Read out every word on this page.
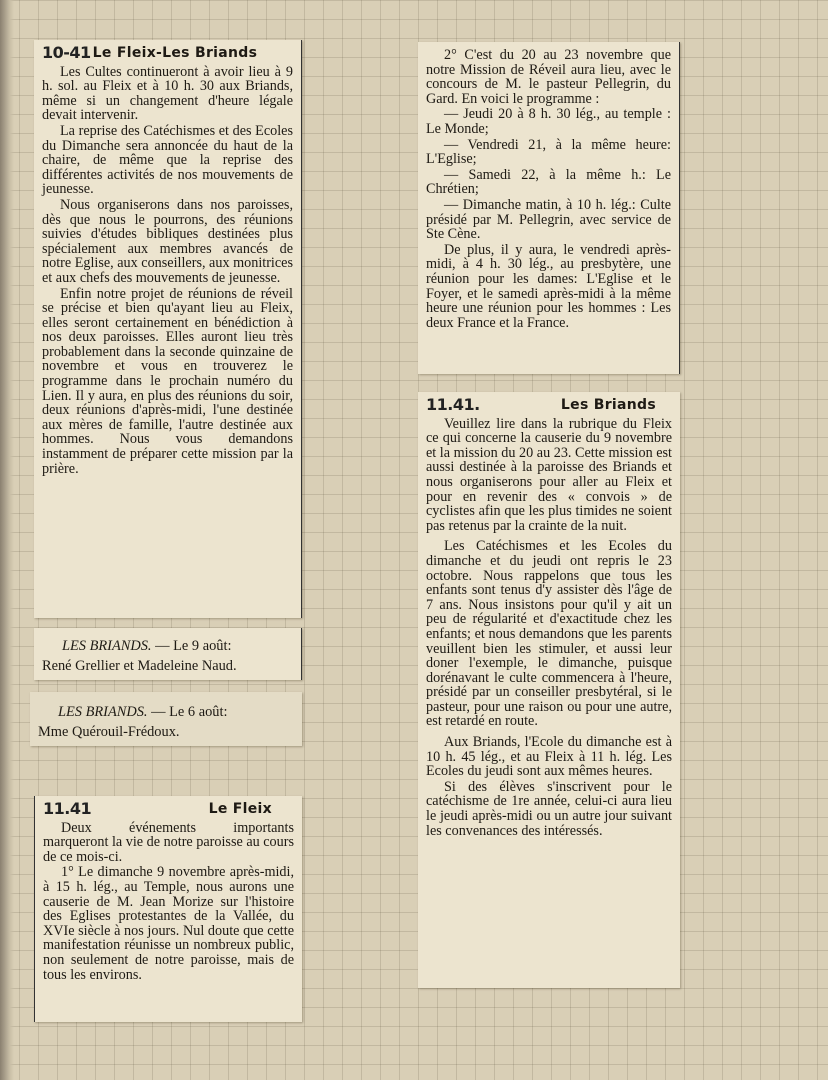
10-41 Le Fleix-Les Briands

Les Cultes continueront à avoir lieu à 9 h. sol. au Fleix et à 10 h. 30 aux Briands, même si un changement d'heure légale devait intervenir.

La reprise des Catéchismes et des Ecoles du Dimanche sera annoncée du haut de la chaire, de même que la reprise des différentes activités de nos mouvements de jeunesse.

Nous organiserons dans nos paroisses, dès que nous le pourrons, des réunions suivies d'études bibliques destinées plus spécialement aux membres avancés de notre Eglise, aux conseillers, aux monitrices et aux chefs des mouvements de jeunesse.

Enfin notre projet de réunions de réveil se précise et bien qu'ayant lieu au Fleix, elles seront certainement en bénédiction à nos deux paroisses. Elles auront lieu très probablement dans la seconde quinzaine de novembre et vous en trouverez le programme dans le prochain numéro du Lien. Il y aura, en plus des réunions du soir, deux réunions d'après-midi, l'une destinée aux mères de famille, l'autre destinée aux hommes. Nous vous demandons instamment de préparer cette mission par la prière.

LES BRIANDS. — Le 9 août:
René Grellier et Madeleine Naud.
LES BRIANDS. — Le 6 août:
Mme Quérouil-Frédoux.
11.41	Le Fleix

Deux événements importants marqueront la vie de notre paroisse au cours de ce mois-ci.

1° Le dimanche 9 novembre après-midi, à 15 h. lég., au Temple, nous aurons une causerie de M. Jean Morize sur l'histoire des Eglises protestantes de la Vallée, du XVIe siècle à nos jours. Nul doute que cette manifestation réunisse un nombreux public, non seulement de notre paroisse, mais de tous les environs.

2° C'est du 20 au 23 novembre que notre Mission de Réveil aura lieu, avec le concours de M. le pasteur Pellegrin, du Gard. En voici le programme :

— Jeudi 20 à 8 h. 30 lég., au temple : Le Monde;

— Vendredi 21, à la même heure: L'Eglise;

— Samedi 22, à la même h.: Le Chrétien;

— Dimanche matin, à 10 h. lég.: Culte présidé par M. Pellegrin, avec service de Ste Cène.

De plus, il y aura, le vendredi après-midi, à 4 h. 30 lég., au presbytère, une réunion pour les dames: L'Eglise et le Foyer, et le samedi après-midi à la même heure une réunion pour les hommes : Les deux France et la France.

11.41.	Les Briands

Veuillez lire dans la rubrique du Fleix ce qui concerne la causerie du 9 novembre et la mission du 20 au 23. Cette mission est aussi destinée à la paroisse des Briands et nous organiserons pour aller au Fleix et pour en revenir des « convois » de cyclistes afin que les plus timides ne soient pas retenus par la crainte de la nuit.

Les Catéchismes et les Ecoles du dimanche et du jeudi ont repris le 23 octobre. Nous rappelons que tous les enfants sont tenus d'y assister dès l'âge de 7 ans. Nous insistons pour qu'il y ait un peu de régularité et d'exactitude chez les enfants; et nous demandons que les parents veuillent bien les stimuler, et aussi leur doner l'exemple, le dimanche, puisque dorénavant le culte commencera à l'heure, présidé par un conseiller presbytéral, si le pasteur, pour une raison ou pour une autre, est retardé en route.

Aux Briands, l'Ecole du dimanche est à 10 h. 45 lég., et au Fleix à 11 h. lég. Les Ecoles du jeudi sont aux mêmes heures.

Si des élèves s'inscrivent pour le catéchisme de 1re année, celui-ci aura lieu le jeudi après-midi ou un autre jour suivant les convenances des intéressés.
